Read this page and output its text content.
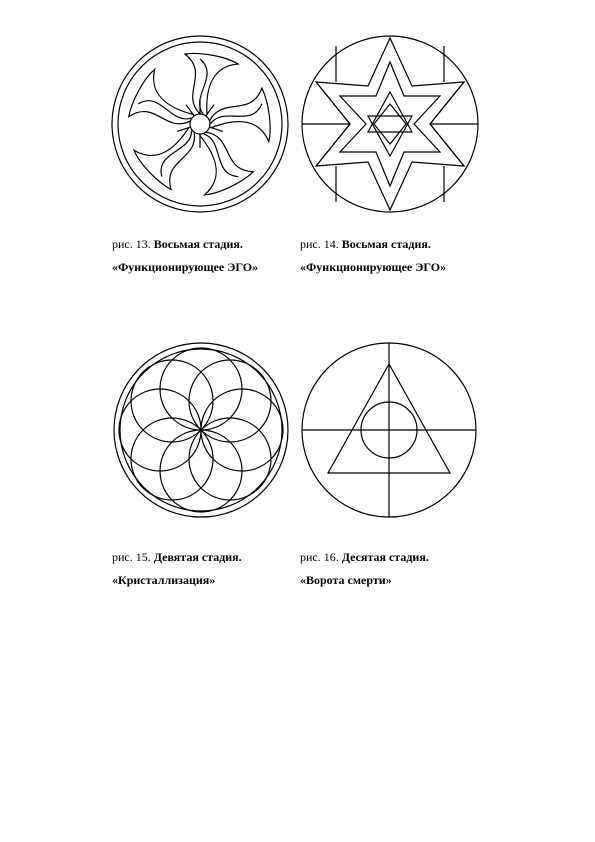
рис. 13. Восьмая стадия.
«Функционирующее ЭГО»
рис. 14. Восьмая стадия.
«Функционирующее ЭГО»
рис. 15. Девятая стадия.
«Кристаллизация»
рис. 16. Десятая стадия.
«Ворота смерти»
